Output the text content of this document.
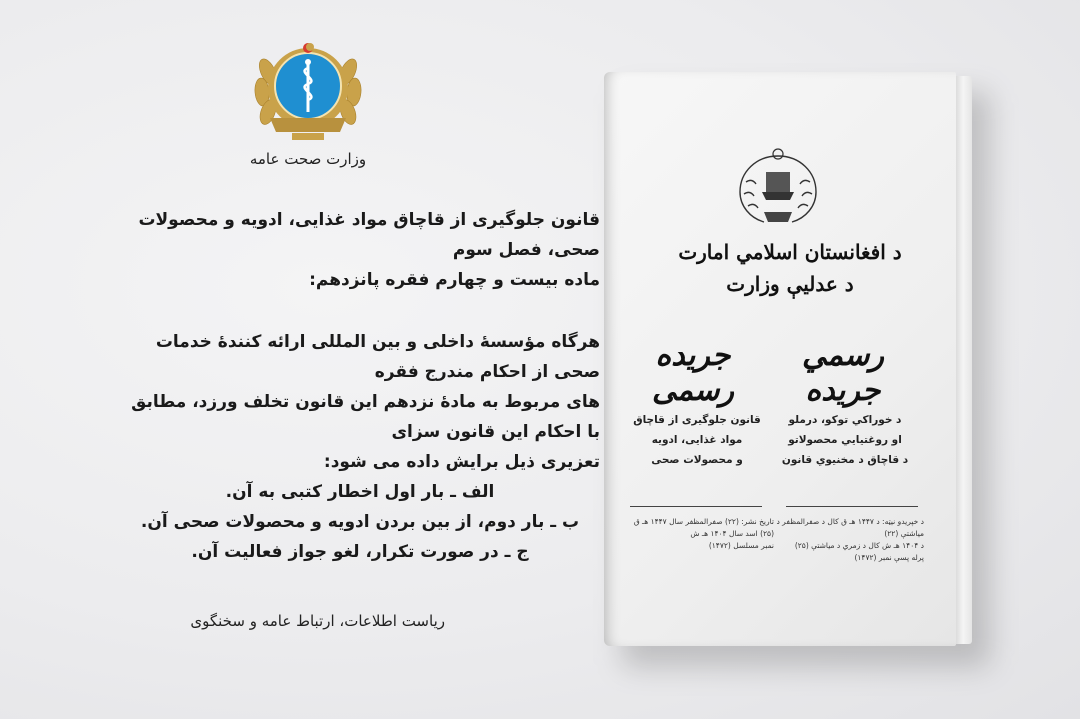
وزارت صحت عامه

قانون جلوگیری از قاچاق مواد غذایی، ادویه و محصولات صحی، فصل سوم

ماده بیست و چهارم فقره پانزدهم:

هرگاه مؤسسهٔ داخلی و بین المللی ارائه کنندهٔ خدمات صحی از احکام مندرج فقره

های مربوط به مادهٔ نزدهم این قانون تخلف ورزد، مطابق با احکام این قانون سزای

تعزیری ذیل برایش داده می شود:

الف ـ بار اول اخطار کتبی به آن.

ب ـ بار دوم، از بین بردن ادویه و محصولات صحی آن.

ج ـ در صورت تکرار، لغو جواز فعالیت آن.

ریاست اطلاعات، ارتباط عامه و سخنگوی
د افغانستان اسلامي امارت
د عدلیې وزارت
رسمي جريده
جریده رسمی
د خوراکي توکو، درملو
او روغتیایي محصولاتو
د قاچاق د مخنیوي قانون
قانون جلوگیری از قاچاق
مواد غذایی، ادویه
و محصولات صحی
د خپریدو نیټه: د ۱۴۴۷ هـ ق کال د صفرالمظفر د میاشتې (۲۲)
د ۱۴۰۴ هـ ش کال د زمري د میاشتې (۲۵)
پرله پسې نمبر (۱۴۷۲)
تاریخ نشر: (۲۲) صفرالمظفر سال ۱۴۴۷ هـ ق
(۲۵) اسد سال ۱۴۰۴ هـ ش
نمبر مسلسل (۱۴۷۲)
